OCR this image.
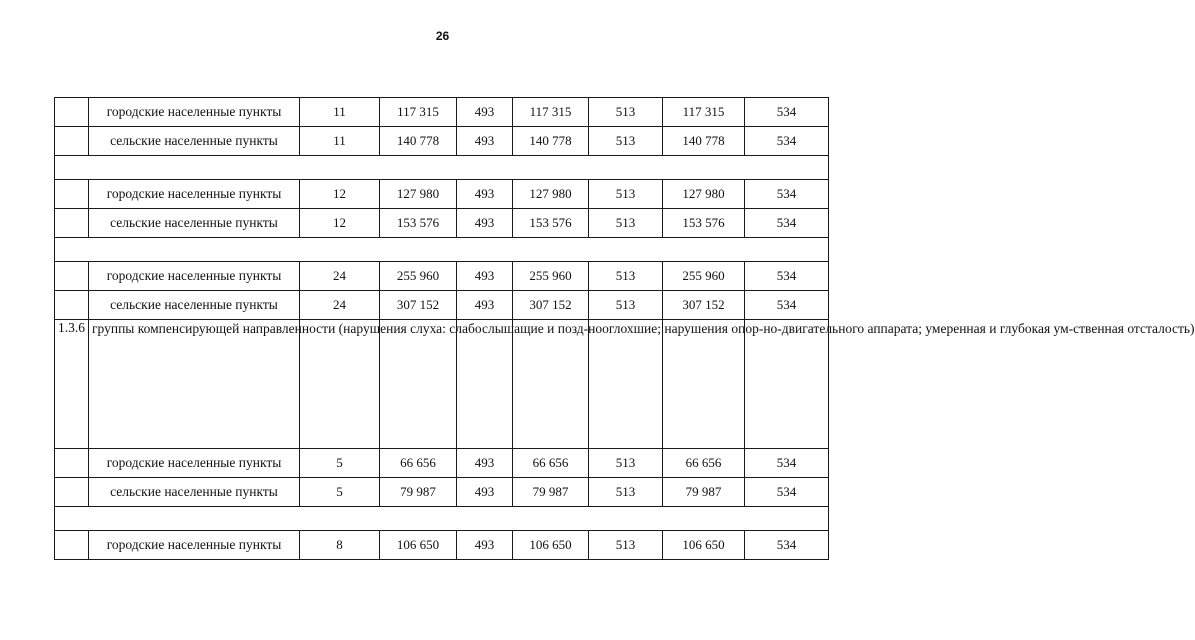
26
	городские населенные пункты	11	117 315	493	117 315	513	117 315	534
	сельские населенные пункты	11	140 778	493	140 778	513	140 778	534

	городские населенные пункты	12	127 980	493	127 980	513	127 980	534
	сельские населенные пункты	12	153 576	493	153 576	513	153 576	534

	городские населенные пункты	24	255 960	493	255 960	513	255 960	534
	сельские населенные пункты	24	307 152	493	307 152	513	307 152	534
1.3.6	группы компенсирующей направленности (нарушения слуха: слабослышащие и позд-нооглохшие; нарушения опор-но-двигательного аппарата; умеренная и глубокая ум-ственная отсталость)							
	городские населенные пункты	5	66 656	493	66 656	513	66 656	534
	сельские населенные пункты	5	79 987	493	79 987	513	79 987	534

	городские населенные пункты	8	106 650	493	106 650	513	106 650	534
